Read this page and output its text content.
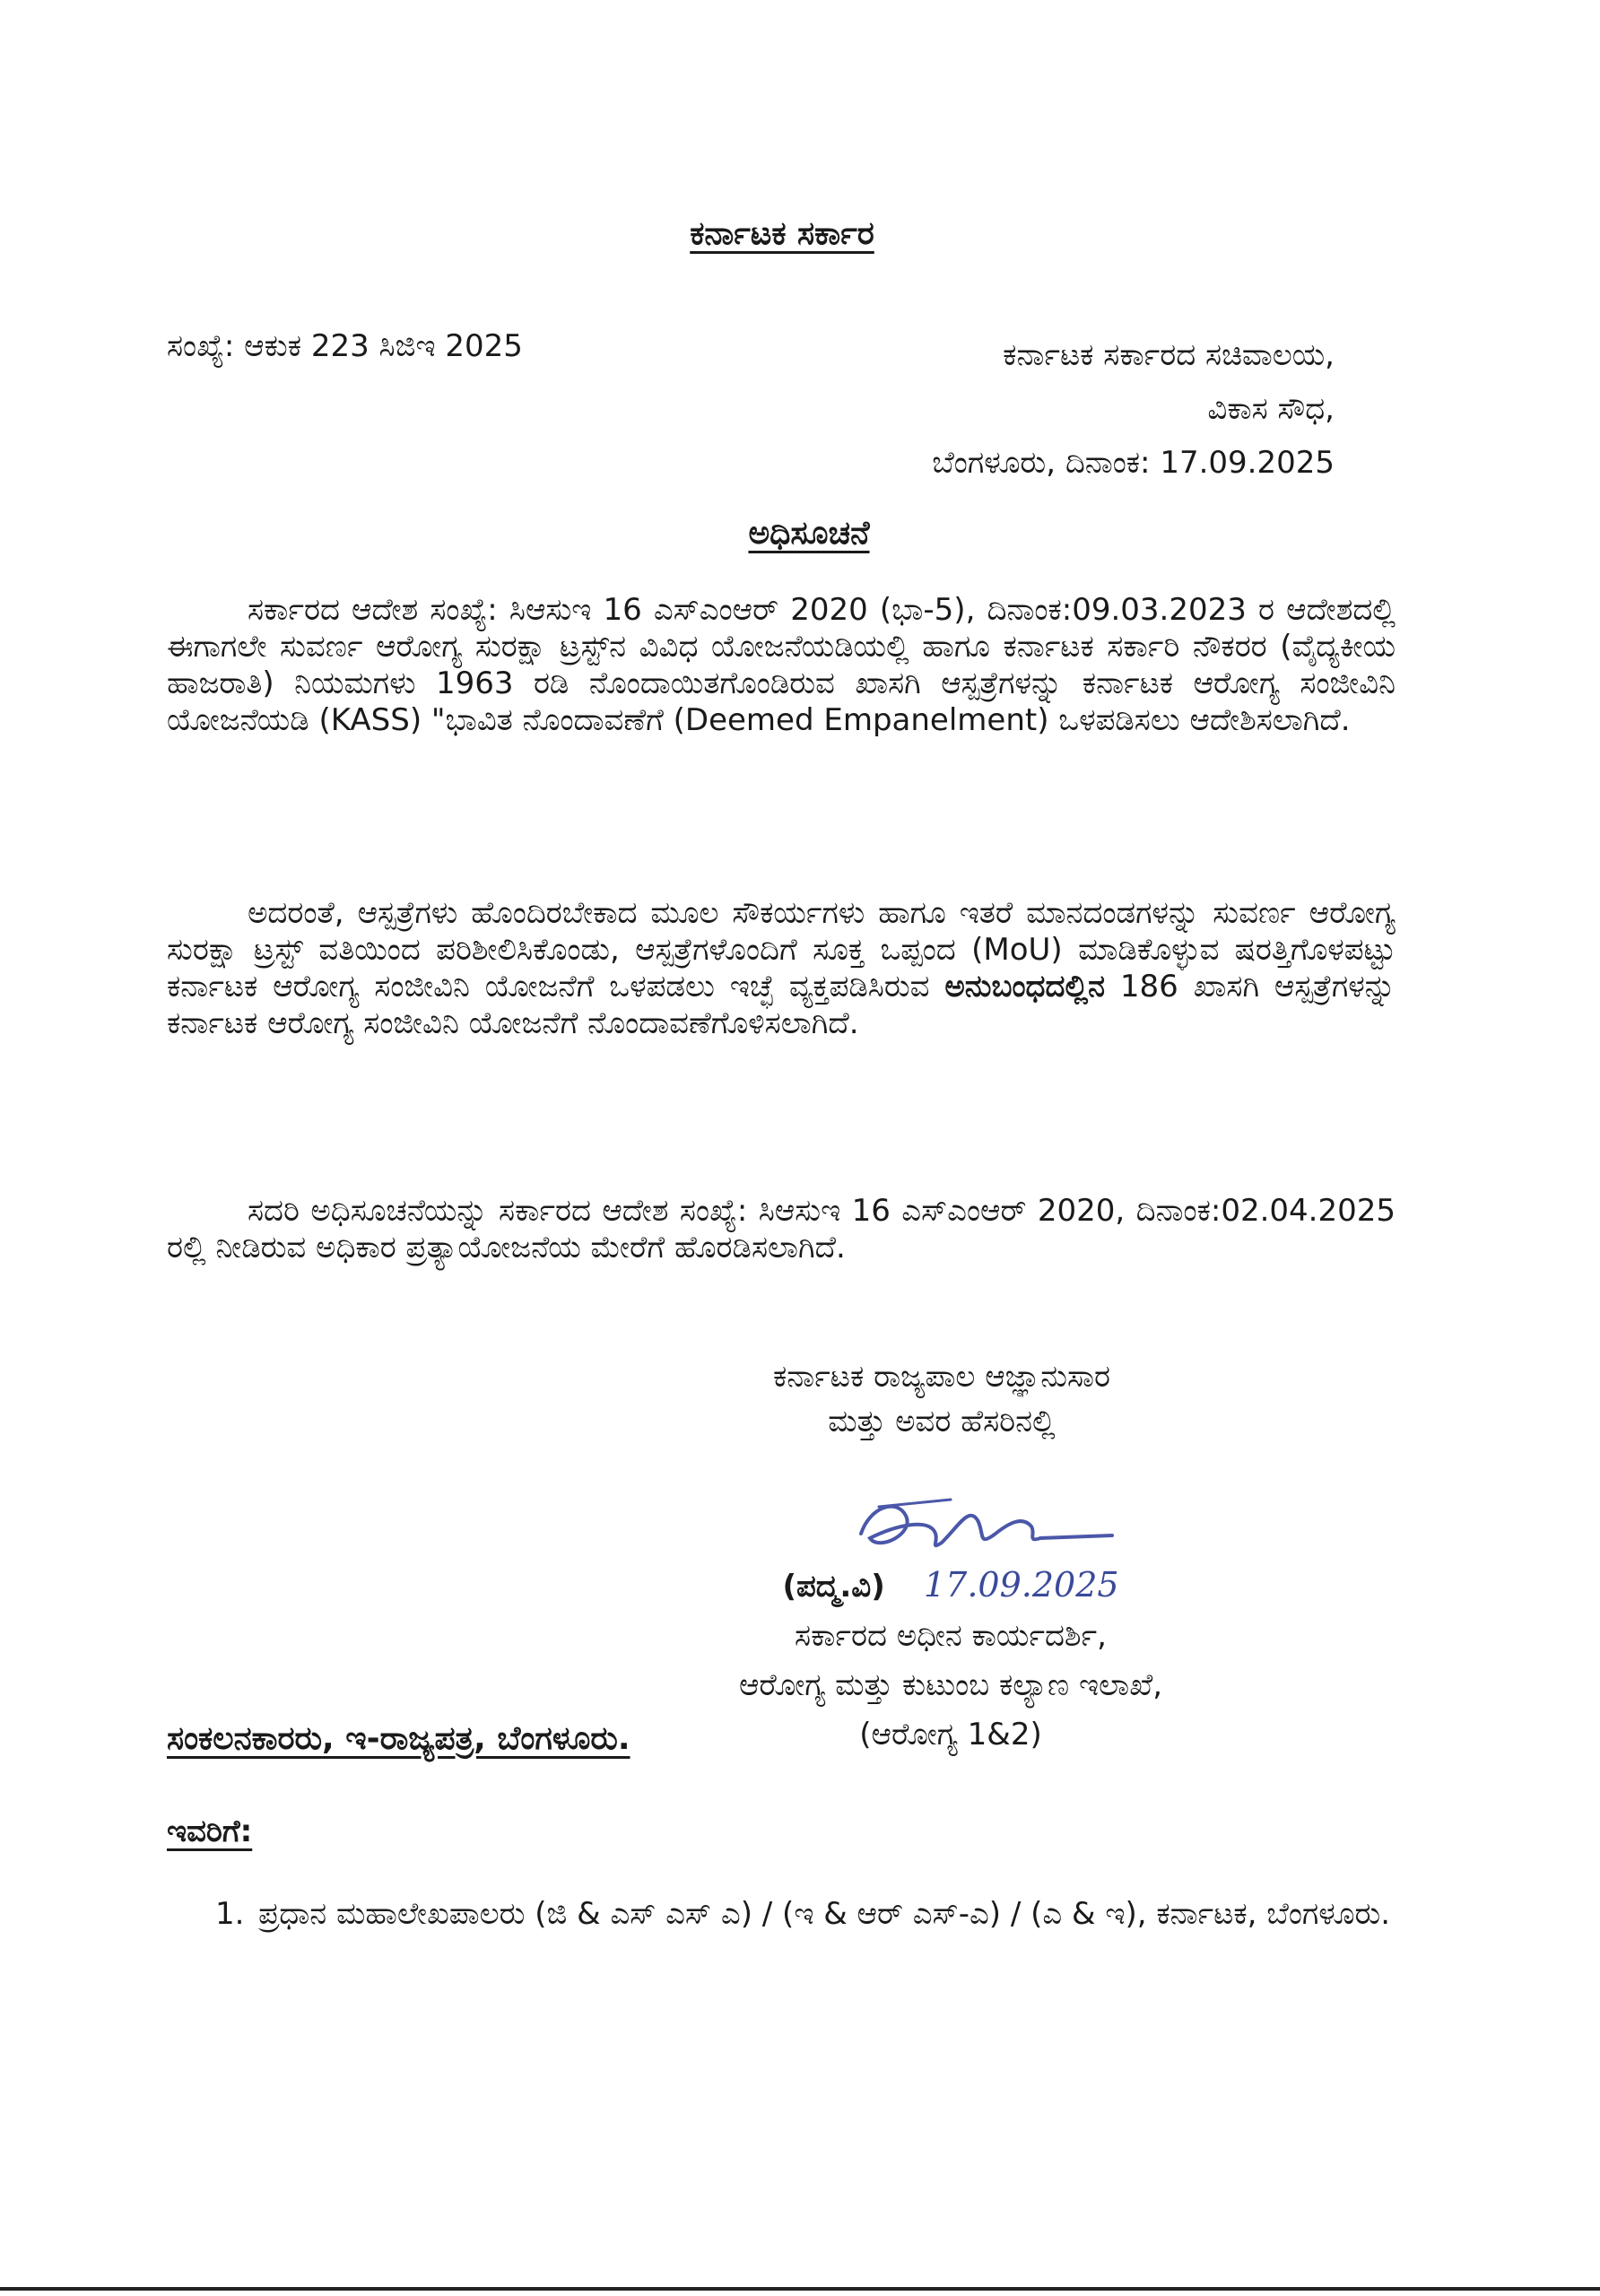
ಕರ್ನಾಟಕ ಸರ್ಕಾರ
ಸಂಖ್ಯೆ: ಆಕುಕ 223 ಸಿಜಿಇ 2025	ಕರ್ನಾಟಕ ಸರ್ಕಾರದ ಸಚಿವಾಲಯ,
ವಿಕಾಸ ಸೌಧ,
ಬೆಂಗಳೂರು, ದಿನಾಂಕ: 17.09.2025
ಅಧಿಸೂಚನೆ
ಸರ್ಕಾರದ ಆದೇಶ ಸಂಖ್ಯೆ: ಸಿಆಸುಇ 16 ಎಸ್‌ಎಂಆರ್ 2020 (ಭಾ-5), ದಿನಾಂಕ:09.03.2023 ರ ಆದೇಶದಲ್ಲಿ ಈಗಾಗಲೇ ಸುವರ್ಣ ಆರೋಗ್ಯ ಸುರಕ್ಷಾ ಟ್ರಸ್ಟ್‌ನ ವಿವಿಧ ಯೋಜನೆಯಡಿಯಲ್ಲಿ ಹಾಗೂ ಕರ್ನಾಟಕ ಸರ್ಕಾರಿ ನೌಕರರ (ವೈದ್ಯಕೀಯ ಹಾಜರಾತಿ) ನಿಯಮಗಳು 1963 ರಡಿ ನೊಂದಾಯಿತಗೊಂಡಿರುವ ಖಾಸಗಿ ಆಸ್ಪತ್ರೆಗಳನ್ನು ಕರ್ನಾಟಕ ಆರೋಗ್ಯ ಸಂಜೀವಿನಿ ಯೋಜನೆಯಡಿ (KASS) "ಭಾವಿತ ನೊಂದಾವಣೆಗೆ (Deemed Empanelment) ಒಳಪಡಿಸಲು ಆದೇಶಿಸಲಾಗಿದೆ.
ಅದರಂತೆ, ಆಸ್ಪತ್ರೆಗಳು ಹೊಂದಿರಬೇಕಾದ ಮೂಲ ಸೌಕರ್ಯಗಳು ಹಾಗೂ ಇತರೆ ಮಾನದಂಡಗಳನ್ನು ಸುವರ್ಣ ಆರೋಗ್ಯ ಸುರಕ್ಷಾ ಟ್ರಸ್ಟ್ ವತಿಯಿಂದ ಪರಿಶೀಲಿಸಿಕೊಂಡು, ಆಸ್ಪತ್ರೆಗಳೊಂದಿಗೆ ಸೂಕ್ತ ಒಪ್ಪಂದ (MoU) ಮಾಡಿಕೊಳ್ಳುವ ಷರತ್ತಿಗೊಳಪಟ್ಟು ಕರ್ನಾಟಕ ಆರೋಗ್ಯ ಸಂಜೀವಿನಿ ಯೋಜನೆಗೆ ಒಳಪಡಲು ಇಚ್ಛೆ ವ್ಯಕ್ತಪಡಿಸಿರುವ ಅನುಬಂಧದಲ್ಲಿನ 186 ಖಾಸಗಿ ಆಸ್ಪತ್ರೆಗಳನ್ನು ಕರ್ನಾಟಕ ಆರೋಗ್ಯ ಸಂಜೀವಿನಿ ಯೋಜನೆಗೆ ನೊಂದಾವಣೆಗೊಳಿಸಲಾಗಿದೆ.
ಸದರಿ ಅಧಿಸೂಚನೆಯನ್ನು ಸರ್ಕಾರದ ಆದೇಶ ಸಂಖ್ಯೆ: ಸಿಆಸುಇ 16 ಎಸ್‌ಎಂಆರ್ 2020, ದಿನಾಂಕ:02.04.2025 ರಲ್ಲಿ ನೀಡಿರುವ ಅಧಿಕಾರ ಪ್ರತ್ಯಾಯೋಜನೆಯ ಮೇರೆಗೆ ಹೊರಡಿಸಲಾಗಿದೆ.
ಕರ್ನಾಟಕ ರಾಜ್ಯಪಾಲ ಆಜ್ಞಾನುಸಾರ
ಮತ್ತು ಅವರ ಹೆಸರಿನಲ್ಲಿ
(ಪದ್ಮ.ವಿ) 17.09.2025
ಸರ್ಕಾರದ ಅಧೀನ ಕಾರ್ಯದರ್ಶಿ,
ಆರೋಗ್ಯ ಮತ್ತು ಕುಟುಂಬ ಕಲ್ಯಾಣ ಇಲಾಖೆ,
(ಆರೋಗ್ಯ 1&2)
ಸಂಕಲನಕಾರರು, ಇ-ರಾಜ್ಯಪತ್ರ, ಬೆಂಗಳೂರು.
ಇವರಿಗೆ:
1. ಪ್ರಧಾನ ಮಹಾಲೇಖಪಾಲರು (ಜಿ & ಎಸ್ ಎಸ್ ಎ) / (ಇ & ಆರ್ ಎಸ್-ಎ) / (ಎ & ಇ), ಕರ್ನಾಟಕ, ಬೆಂಗಳೂರು.
